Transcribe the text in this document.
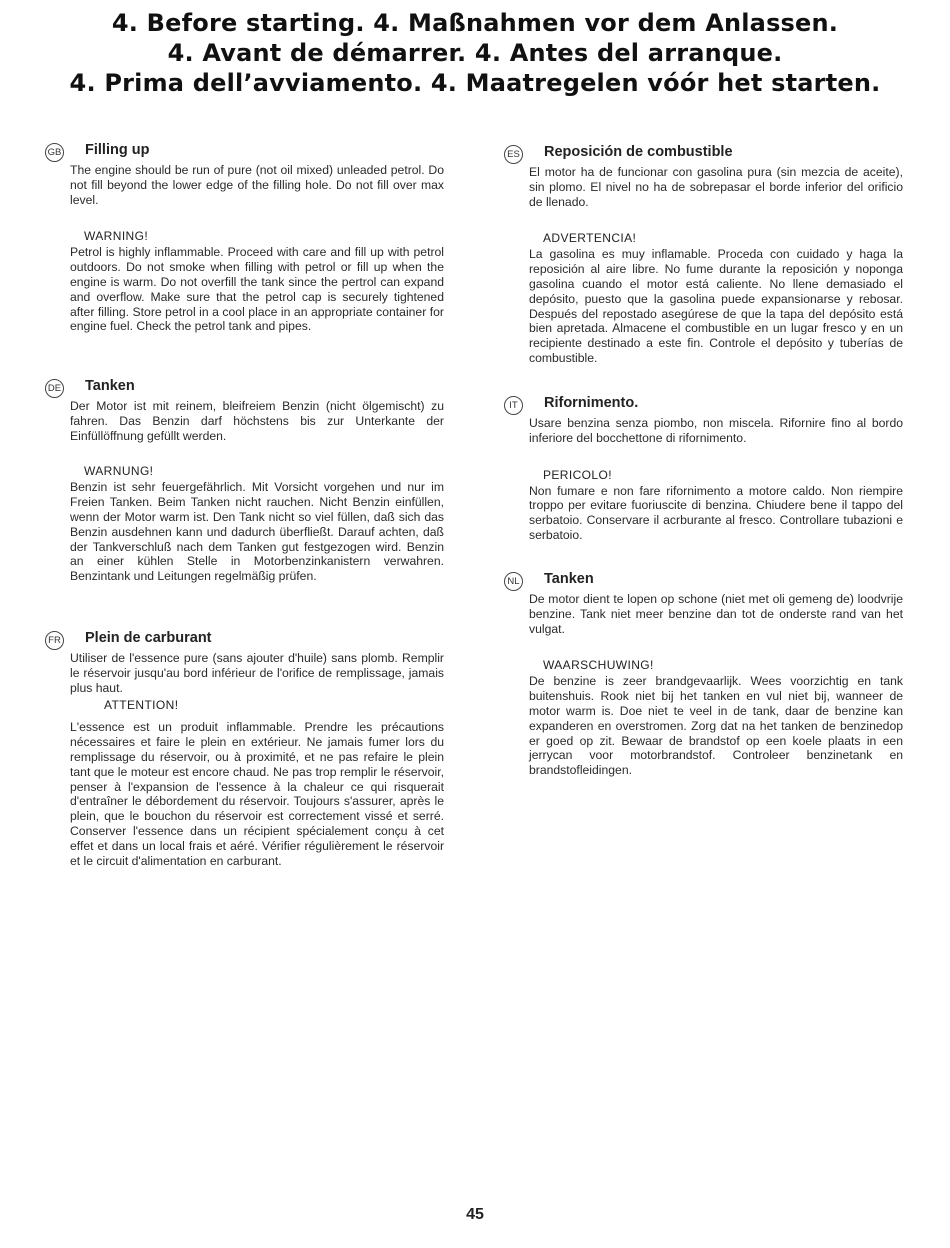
4. Before starting. 4. Maßnahmen vor dem Anlassen.
4. Avant de démarrer. 4. Antes del arranque.
4. Prima dell’avviamento. 4. Maatregelen vóór het starten.
GB Filling up

The engine should be run of pure (not oil mixed) unleaded petrol. Do not fill beyond the lower edge of the filling hole. Do not fill over max level.

WARNING!

Petrol is highly inflammable. Proceed with care and fill up with petrol outdoors. Do not smoke when filling with petrol or fill up when the engine is warm. Do not overfill the tank since the pertrol can expand and overflow. Make sure that the petrol cap is securely tightened after filling. Store petrol in a cool place in an appropriate container for engine fuel. Check the petrol tank and pipes.

DE Tanken

Der Motor ist mit reinem, bleifreiem Benzin (nicht ölgemischt) zu fahren. Das Benzin darf höchstens bis zur Unterkante der Einfüllöffnung gefüllt werden.

WARNUNG!

Benzin ist sehr feuergefährlich. Mit Vorsicht vorgehen und nur im Freien Tanken. Beim Tanken nicht rauchen. Nicht Benzin einfüllen, wenn der Motor warm ist. Den Tank nicht so viel füllen, daß sich das Benzin ausdehnen kann und dadurch überfließt. Darauf achten, daß der Tankverschluß nach dem Tanken gut festgezogen wird. Benzin an einer kühlen Stelle in Motorbenzinkanistern verwahren. Benzintank und Leitungen regelmäßig prüfen.

FR Plein de carburant

Utiliser de l'essence pure (sans ajouter d'huile) sans plomb. Remplir le réservoir jusqu'au bord inférieur de l'orifice de remplissage, jamais plus haut.

ATTENTION!

L'essence est un produit inflammable. Prendre les précautions nécessaires et faire le plein en extérieur. Ne jamais fumer lors du remplissage du réservoir, ou à proximité, et ne pas refaire le plein tant que le moteur est encore chaud. Ne pas trop remplir le réservoir, penser à l'expansion de l'essence à la chaleur ce qui risquerait d'entraîner le débordement du réservoir. Toujours s'assurer, après le plein, que le bouchon du réservoir est correctement vissé et serré. Conserver l'essence dans un récipient spécialement conçu à cet effet et dans un local frais et aéré. Vérifier régulièrement le réservoir et le circuit d'alimentation en carburant.

ES Reposición de combustible

El motor ha de funcionar con gasolina pura (sin mezcia de aceite), sin plomo. El nivel no ha de sobrepasar el borde inferior del orificio de llenado.

ADVERTENCIA!

La gasolina es muy inflamable. Proceda con cuidado y haga la reposición al aire libre. No fume durante la reposición y noponga gasolina cuando el motor está caliente. No llene demasiado el depósito, puesto que la gasolina puede expansionarse y rebosar. Después del repostado asegúrese de que la tapa del depósito está bien apretada. Almacene el combustible en un lugar fresco y en un recipiente destinado a este fin. Controle el depósito y tuberías de combustible.

IT	Rifornimento.

Usare benzina senza piombo, non miscela. Rifornire fino al bordo inferiore del bocchettone di rifornimento.

PERICOLO!

Non fumare e non fare rifornimento a motore caldo. Non riempire troppo per evitare fuoriuscite di benzina. Chiudere bene il tappo del serbatoio. Conservare il acrburante al fresco. Controllare tubazioni e serbatoio.

NL Tanken

De motor dient te lopen op schone (niet met oli gemeng de) loodvrije benzine. Tank niet meer benzine dan tot de onderste rand van het vulgat.

WAARSCHUWING!

De benzine is zeer brandgevaarlijk. Wees voorzichtig en tank buitenshuis. Rook niet bij het tanken en vul niet bij, wanneer de motor warm is. Doe niet te veel in de tank, daar de benzine kan expanderen en overstromen. Zorg dat na het tanken de benzinedop er goed op zit. Bewaar de brandstof op een koele plaats in een jerrycan voor motorbrandstof. Controleer benzinetank en brandstofleidingen.

45
